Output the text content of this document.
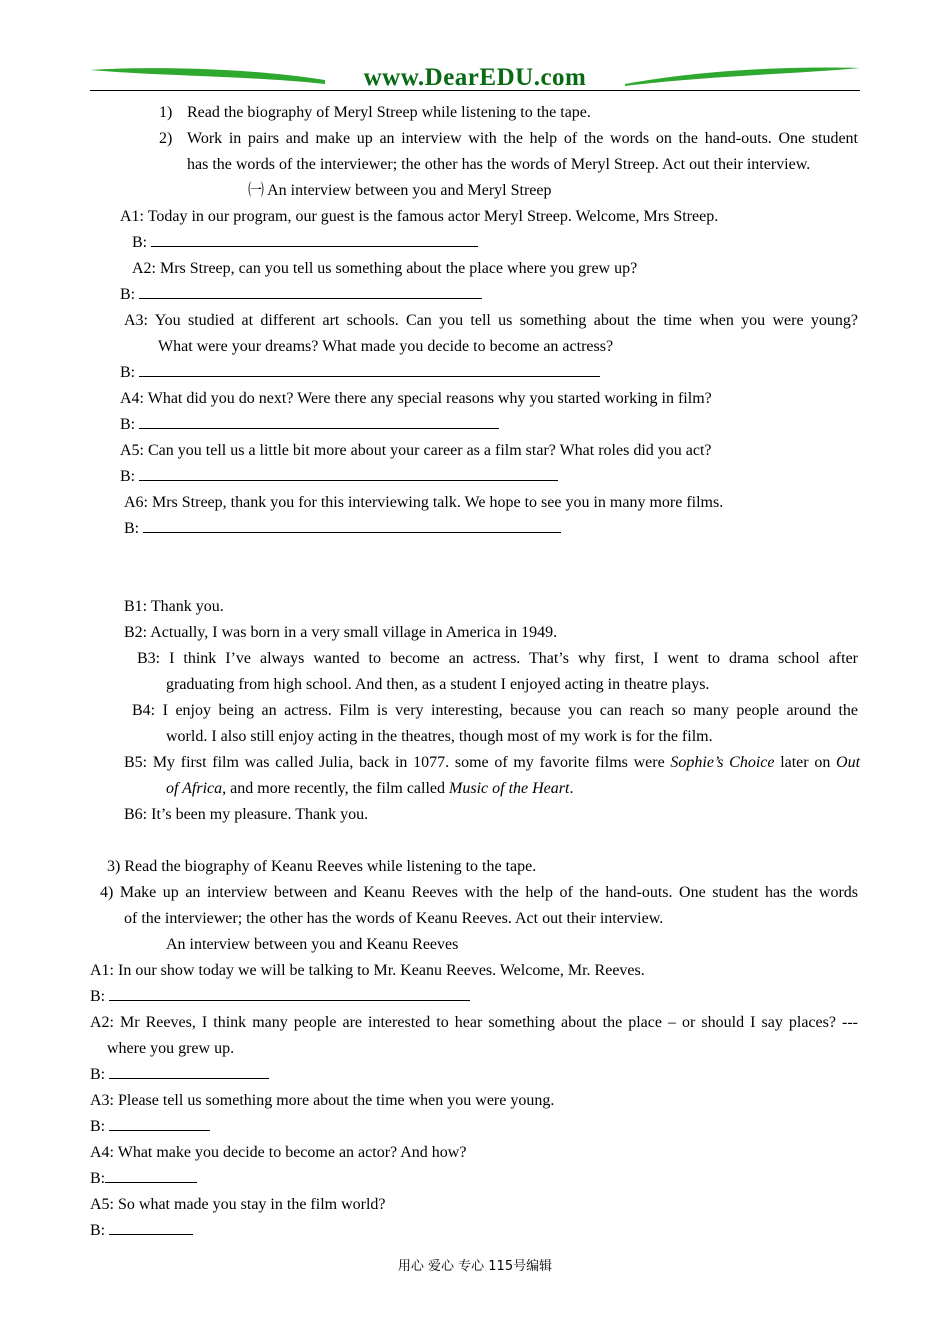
www.DearEDU.com
1) Read the biography of Meryl Streep while listening to the tape.
2) Work in pairs and make up an interview with the help of the words on the hand-outs. One student
has the words of the interviewer; the other has the words of Meryl Streep. Act out their interview.
㈠ An interview between you and Meryl Streep
A1: Today in our program, our guest is the famous actor Meryl Streep. Welcome, Mrs Streep.
B:
A2: Mrs Streep, can you tell us something about the place where you grew up?
B:
A3: You studied at different art schools. Can you tell us something about the time when you were young?
What were your dreams? What made you decide to become an actress?
B:
A4: What did you do next? Were there any special reasons why you started working in film?
B:
A5: Can you tell us a little bit more about your career as a film star? What roles did you act?
B:
A6: Mrs Streep, thank you for this interviewing talk. We hope to see you in many more films.
B:
B1: Thank you.
B2: Actually, I was born in a very small village in America in 1949.
B3: I think I’ve always wanted to become an actress. That’s why first, I went to drama school after
graduating from high school. And then, as a student I enjoyed acting in theatre plays.
B4: I enjoy being an actress. Film is very interesting, because you can reach so many people around the
world. I also still enjoy acting in the theatres, though most of my work is for the film.
B5: My first film was called Julia, back in 1077. some of my favorite films were Sophie’s Choice later on Out
of Africa, and more recently, the film called Music of the Heart.
B6: It’s been my pleasure. Thank you.
3) Read the biography of Keanu Reeves while listening to the tape.
4) Make up an interview between and Keanu Reeves with the help of the hand-outs. One student has the words
of the interviewer; the other has the words of Keanu Reeves. Act out their interview.
An interview between you and Keanu Reeves
A1: In our show today we will be talking to Mr. Keanu Reeves. Welcome, Mr. Reeves.
B:
A2: Mr Reeves, I think many people are interested to hear something about the place – or should I say places? ---
where you grew up.
B:
A3: Please tell us something more about the time when you were young.
B:
A4: What make you decide to become an actor? And how?
B:
A5: So what made you stay in the film world?
B:
用心 爱心 专心 115号编辑
